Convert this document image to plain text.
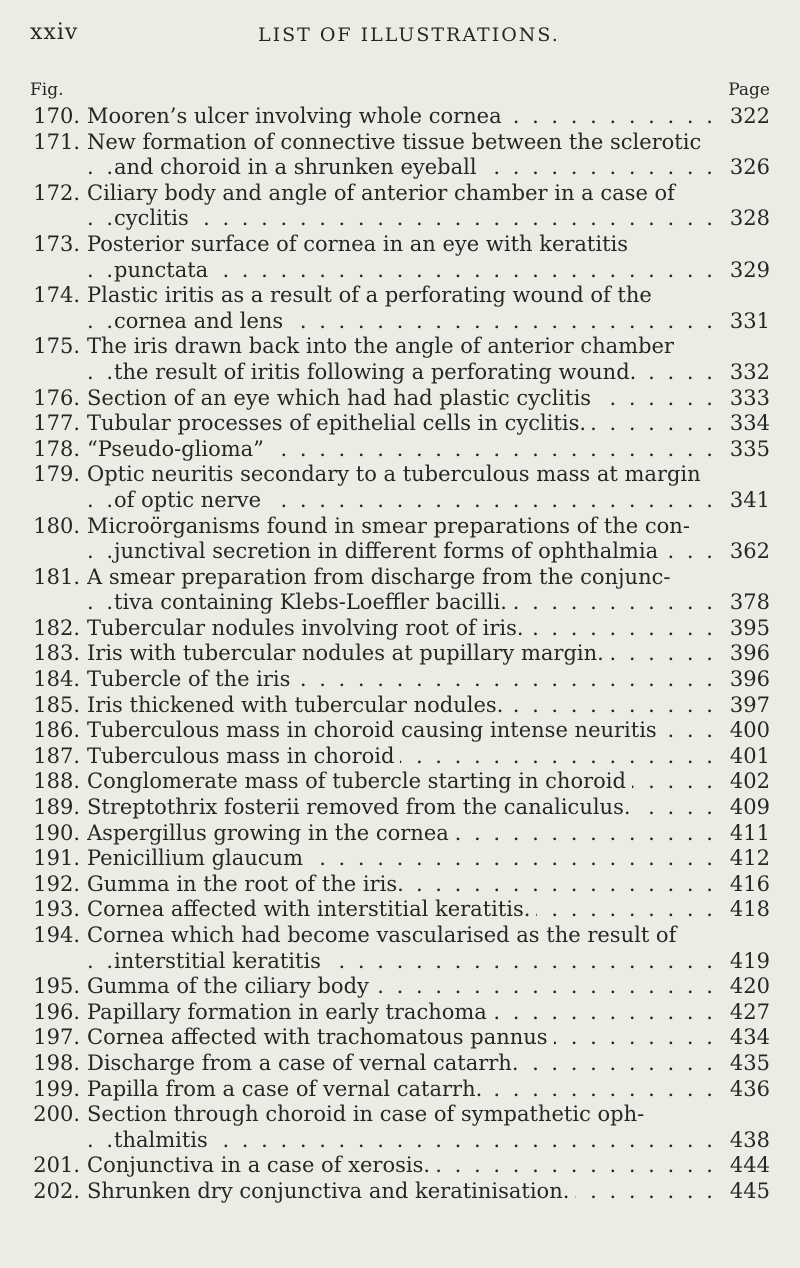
xxiv	LIST OF ILLUSTRATIONS.
Fig.	Page
170. Mooren’s ulcer involving whole cornea . . .	322
171. New formation of connective tissue between the sclerotic
and choroid in a shrunken eyeball . . .	326
172. Ciliary body and angle of anterior chamber in a case of
cyclitis . . .	328
173. Posterior surface of cornea in an eye with keratitis
punctata . . .	329
174. Plastic iritis as a result of a perforating wound of the
cornea and lens . . .	331
175. The iris drawn back into the angle of anterior chamber
the result of iritis following a perforating wound. . . .	332
176. Section of an eye which had had plastic cyclitis . . .	333
177. Tubular processes of epithelial cells in cyclitis. . . .	334
178. “Pseudo-glioma” . . .	335
179. Optic neuritis secondary to a tuberculous mass at margin
of optic nerve . . .	341
180. Microörganisms found in smear preparations of the con-
junctival secretion in different forms of ophthalmia . . .	362
181. A smear preparation from discharge from the conjunc-
tiva containing Klebs-Loeffler bacilli. . . .	378
182. Tubercular nodules involving root of iris. . . .	395
183. Iris with tubercular nodules at pupillary margin. . . .	396
184. Tubercle of the iris . . .	396
185. Iris thickened with tubercular nodules. . . .	397
186. Tuberculous mass in choroid causing intense neuritis . . .	400
187. Tuberculous mass in choroid . . .	401
188. Conglomerate mass of tubercle starting in choroid . . .	402
189. Streptothrix fosterii removed from the canaliculus. . . .	409
190. Aspergillus growing in the cornea . . .	411
191. Penicillium glaucum . . .	412
192. Gumma in the root of the iris. . . .	416
193. Cornea affected with interstitial keratitis. . . .	418
194. Cornea which had become vascularised as the result of
interstitial keratitis . . .	419
195. Gumma of the ciliary body . . .	420
196. Papillary formation in early trachoma . . .	427
197. Cornea affected with trachomatous pannus . . .	434
198. Discharge from a case of vernal catarrh. . . .	435
199. Papilla from a case of vernal catarrh. . . .	436
200. Section through choroid in case of sympathetic oph-
thalmitis . . .	438
201. Conjunctiva in a case of xerosis. . . .	444
202. Shrunken dry conjunctiva and keratinisation. . . .	445
